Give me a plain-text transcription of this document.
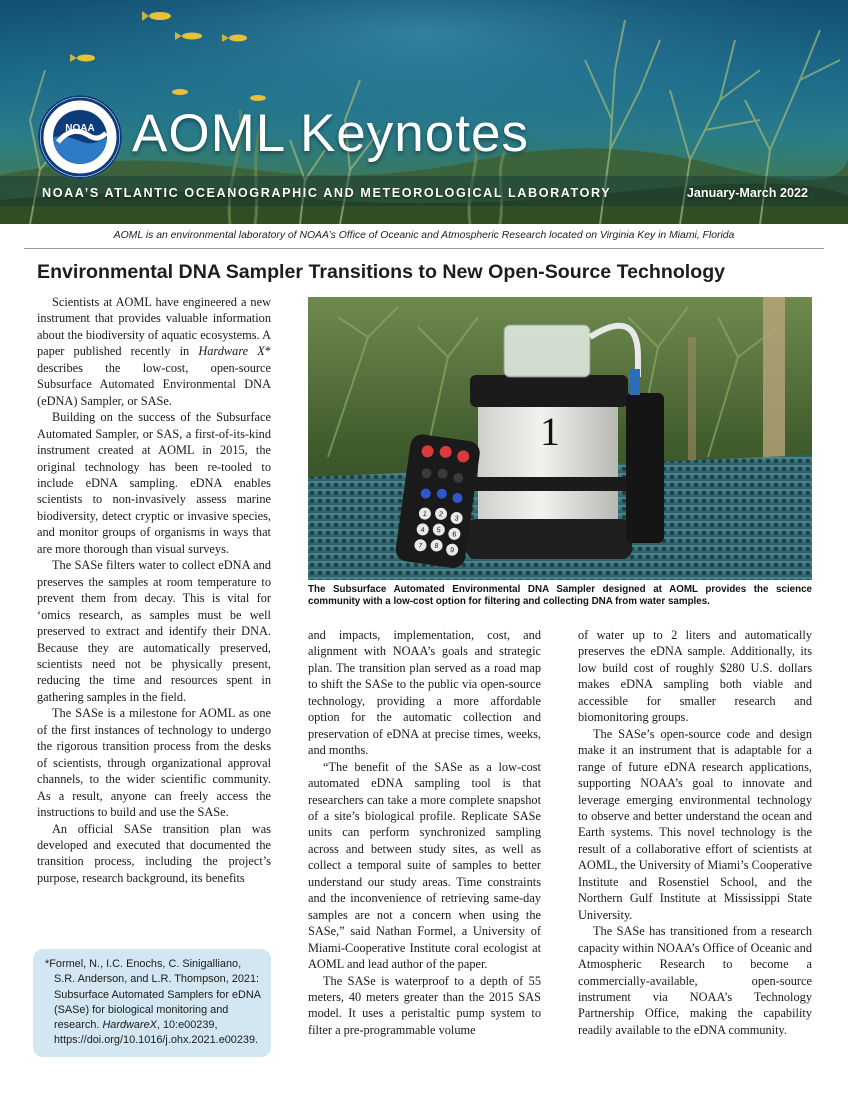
NOAA AOML Keynotes
NOAA’S ATLANTIC OCEANOGRAPHIC AND METEOROLOGICAL LABORATORY	January-March 2022
AOML is an environmental laboratory of NOAA’s Office of Oceanic and Atmospheric Research located on Virginia Key in Miami, Florida
Environmental DNA Sampler Transitions to New Open-Source Technology

Scientists at AOML have engineered a new instrument that provides valuable information about the biodiversity of aquatic ecosystems. A paper published recently in Hardware X* describes the low-cost, open-source Subsurface Automated Environmental DNA (eDNA) Sampler, or SASe.

Building on the success of the Subsurface Automated Sampler, or SAS, a first-of-its-kind instrument created at AOML in 2015, the original technology has been re-tooled to include eDNA sampling. eDNA enables scientists to non-invasively assess marine biodiversity, detect cryptic or invasive species, and monitor groups of organisms in ways that are more thorough than visual surveys.

The SASe filters water to collect eDNA and preserves the samples at room temperature to prevent them from decay. This is vital for ‘omics research, as samples must be well preserved to extract and identify their DNA. Because they are automatically preserved, scientists need not be physically present, reducing the time and resources spent in gathering samples in the field.

The SASe is a milestone for AOML as one of the first instances of technology to undergo the rigorous transition process from the desks of scientists, through organizational approval channels, to the wider scientific community. As a result, anyone can freely access the instructions to build and use the SASe.

An official SASe transition plan was developed and executed that documented the transition process, including the project’s purpose, research background, its benefits

1
1 2
3
4 5
6
7 8
9
The Subsurface Automated Environmental DNA Sampler designed at AOML provides the science community with a low-cost option for filtering and collecting DNA from water samples.

and impacts, implementation, cost, and alignment with NOAA’s goals and strategic plan. The transition plan served as a road map to shift the SASe to the public via open-source technology, providing a more affordable option for the automatic collection and preservation of eDNA at precise times, weeks, and months.

“The benefit of the SASe as a low-cost automated eDNA sampling tool is that researchers can take a more complete snapshot of a site’s biological profile. Replicate SASe units can perform synchronized sampling across and between study sites, as well as collect a temporal suite of samples to better understand our study areas. Time constraints and the inconvenience of retrieving same-day samples are not a concern when using the SASe,” said Nathan Formel, a University of Miami-Cooperative Institute coral ecologist at AOML and lead author of the paper.

The SASe is waterproof to a depth of 55 meters, 40 meters greater than the 2015 SAS model. It uses a peristaltic pump system to filter a pre-programmable volume

of water up to 2 liters and automatically preserves the eDNA sample. Additionally, its low build cost of roughly $280 U.S. dollars makes eDNA sampling both viable and accessible for smaller research and biomonitoring groups.

The SASe’s open-source code and design make it an instrument that is adaptable for a range of future eDNA research applications, supporting NOAA’s goal to innovate and leverage emerging environmental technology to observe and better understand the ocean and Earth systems. This novel technology is the result of a collaborative effort of scientists at AOML, the University of Miami’s Cooperative Institute and Rosenstiel School, and the Northern Gulf Institute at Mississippi State University.

The SASe has transitioned from a research capacity within NOAA’s Office of Oceanic and Atmospheric Research to become a commercially-available, open-source instrument via NOAA’s Technology Partnership Office, making the capability readily available to the eDNA community.

*Formel, N., I.C. Enochs, C. Sinigalliano, S.R. Anderson, and L.R. Thompson, 2021: Subsurface Automated Samplers for eDNA (SASe) for biological monitoring and research. HardwareX, 10:e00239, https://doi.org/10.1016/j.ohx.2021.e00239.
